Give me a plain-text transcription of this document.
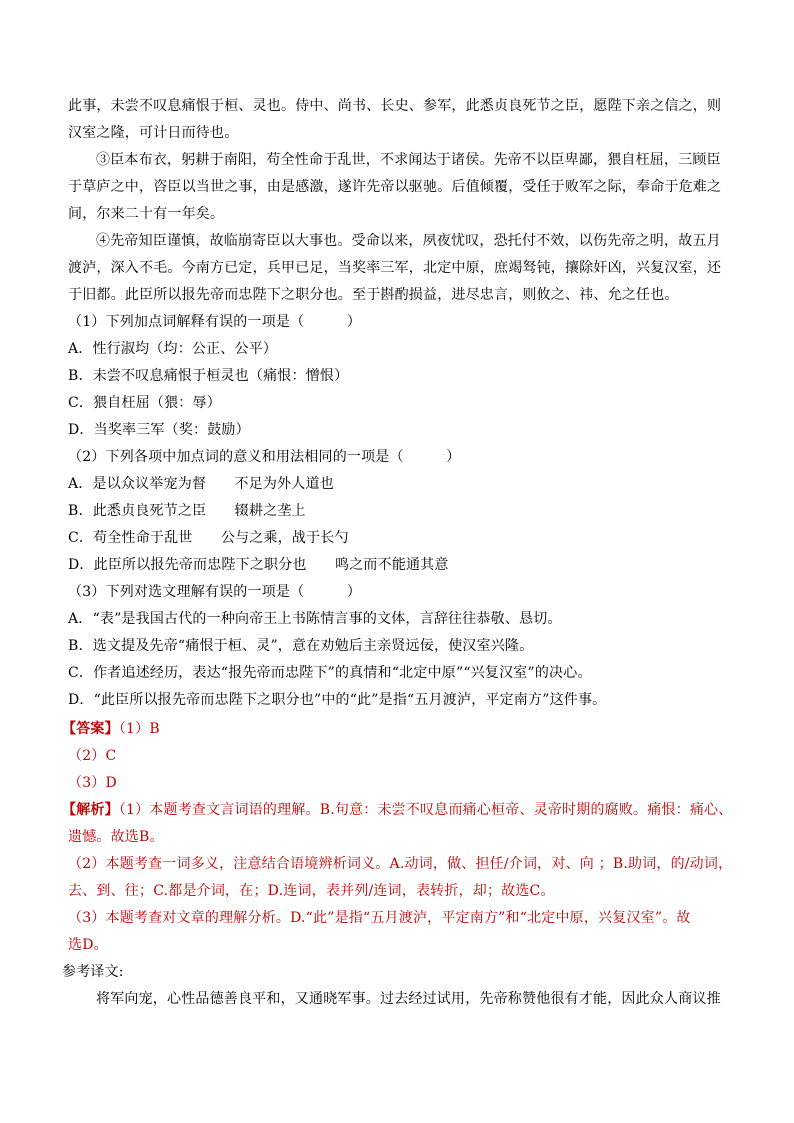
此事，未尝不叹息痛恨于桓、灵也。侍中、尚书、长史、参军，此悉贞良死节之臣，愿陛下亲之信之，则
汉室之隆，可计日而待也。
③臣本布衣，躬耕于南阳，苟全性命于乱世，不求闻达于诸侯。先帝不以臣卑鄙，猥自枉屈，三顾臣
于草庐之中，咨臣以当世之事，由是感激，遂许先帝以驱驰。后值倾覆，受任于败军之际，奉命于危难之
间，尔来二十有一年矣。
④先帝知臣谨慎，故临崩寄臣以大事也。受命以来，夙夜忧叹，恐托付不效，以伤先帝之明，故五月
渡泸，深入不毛。今南方已定，兵甲已足，当奖率三军，北定中原，庶竭驽钝，攘除奸凶，兴复汉室，还
于旧都。此臣所以报先帝而忠陛下之职分也。至于斟酌损益，进尽忠言，则攸之、祎、允之任也。
（1）下列加点词解释有误的一项是（　　　）
A．性行淑均（均：公正、公平）
B．未尝不叹息痛恨于桓灵也（痛恨：憎恨）
C．猥自枉屈（猥：辱）
D．当奖率三军（奖：鼓励）
（2）下列各项中加点词的意义和用法相同的一项是（　　　）
A．是以众议举宠为督　　不足为外人道也
B．此悉贞良死节之臣　　辍耕之垄上
C．苟全性命于乱世　　公与之乘，战于长勺
D．此臣所以报先帝而忠陛下之职分也　　鸣之而不能通其意
（3）下列对选文理解有误的一项是（　　　）
A．“表”是我国古代的一种向帝王上书陈情言事的文体，言辞往往恭敬、恳切。
B．选文提及先帝“痛恨于桓、灵”，意在劝勉后主亲贤远佞，使汉室兴隆。
C．作者追述经历，表达“报先帝而忠陛下”的真情和“北定中原”“兴复汉室”的决心。
D．“此臣所以报先帝而忠陛下之职分也”中的“此”是指“五月渡泸，平定南方”这件事。
【答案】（1）B
（2）C
（3）D
【解析】（1）本题考查文言词语的理解。B.句意：未尝不叹息而痛心桓帝、灵帝时期的腐败。痛恨：痛心、
遗憾。故选B。
（2）本题考查一词多义，注意结合语境辨析词义。A.动词，做、担任/介词，对、向 ；B.助词，的/动词，
去、到、往；C.都是介词，在；D.连词，表并列/连词，表转折，却；故选C。
（3）本题考查对文章的理解分析。D.“此”是指“五月渡泸，平定南方”和“北定中原，兴复汉室”。故
选D。
参考译文:
将军向宠，心性品德善良平和，又通晓军事。过去经过试用，先帝称赞他很有才能，因此众人商议推
